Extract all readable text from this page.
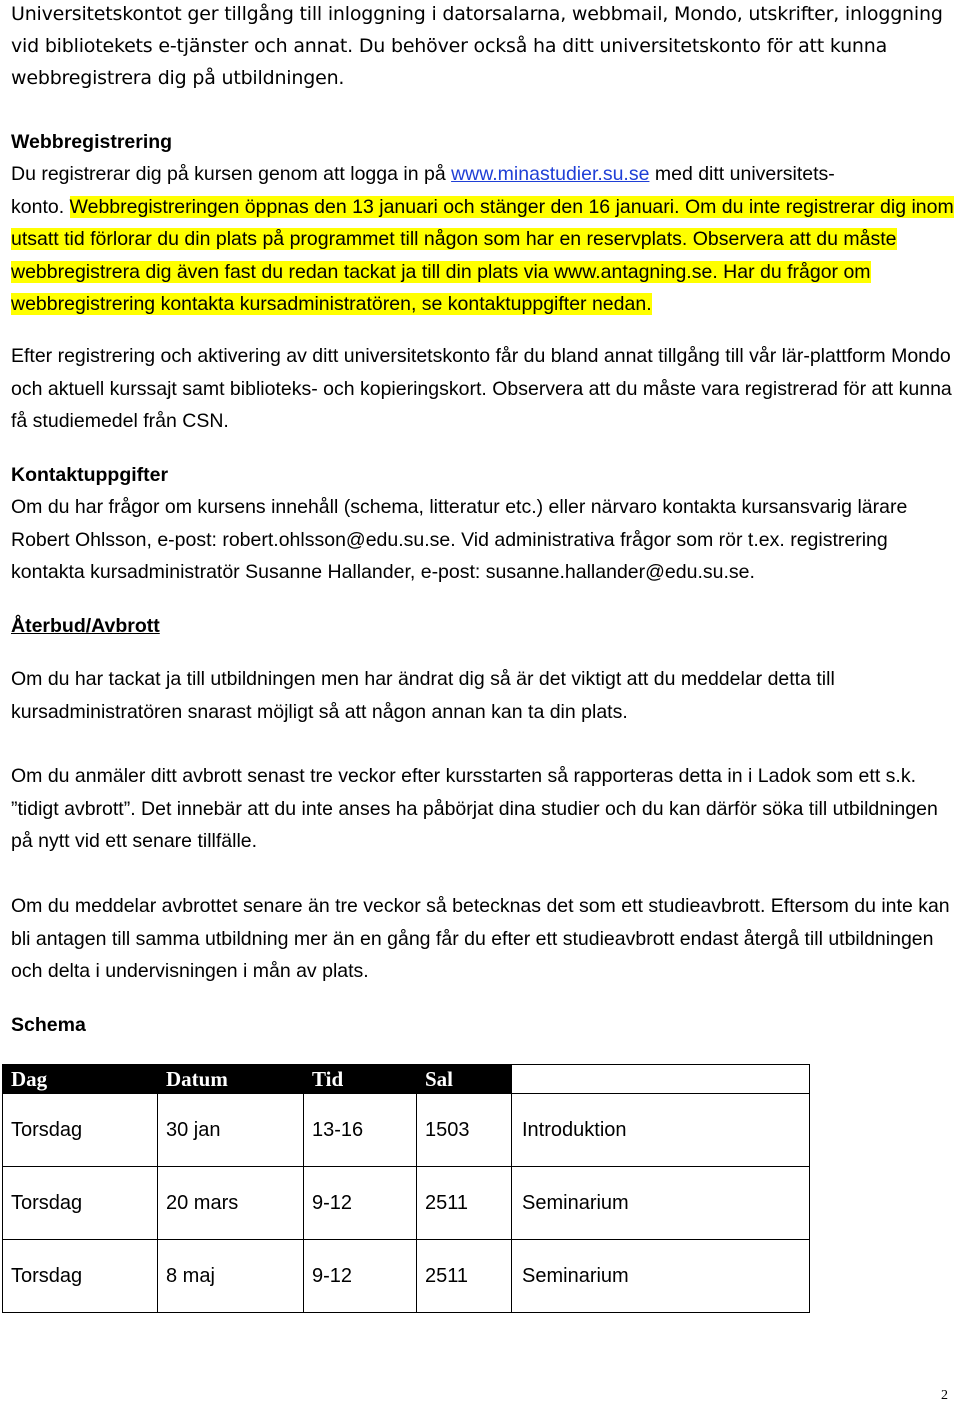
Universitetskontot ger tillgång till inloggning i datorsalarna, webbmail, Mondo, utskrifter, inloggning vid bibliotekets e-tjänster och annat. Du behöver också ha ditt universitetskonto för att kunna webbregistrera dig på utbildningen.
Webbregistrering
Du registrerar dig på kursen genom att logga in på www.minastudier.su.se med ditt universitets-
konto. Webbregistreringen öppnas den 13 januari och stänger den 16 januari. Om du inte registrerar dig inom utsatt tid förlorar du din plats på programmet till någon som har en reservplats. Observera att du måste webbregistrera dig även fast du redan tackat ja till din plats via www.antagning.se. Har du frågor om webbregistrering kontakta kursadministratören, se kontaktuppgifter nedan.
Efter registrering och aktivering av ditt universitetskonto får du bland annat tillgång till vår lär-plattform Mondo och aktuell kurssajt samt biblioteks- och kopieringskort. Observera att du måste vara registrerad för att kunna få studiemedel från CSN.
Kontaktuppgifter
Om du har frågor om kursens innehåll (schema, litteratur etc.) eller närvaro kontakta kursansvarig lärare Robert Ohlsson, e-post: robert.ohlsson@edu.su.se. Vid administrativa frågor som rör t.ex. registrering kontakta kursadministratör Susanne Hallander, e-post: susanne.hallander@edu.su.se.
Återbud/Avbrott
Om du har tackat ja till utbildningen men har ändrat dig så är det viktigt att du meddelar detta till kursadministratören snarast möjligt så att någon annan kan ta din plats.
Om du anmäler ditt avbrott senast tre veckor efter kursstarten så rapporteras detta in i Ladok som ett s.k. ”tidigt avbrott”. Det innebär att du inte anses ha påbörjat dina studier och du kan därför söka till utbildningen på nytt vid ett senare tillfälle.
Om du meddelar avbrottet senare än tre veckor så betecknas det som ett studieavbrott. Eftersom du inte kan bli antagen till samma utbildning mer än en gång får du efter ett studieavbrott endast återgå till utbildningen och delta i undervisningen i mån av plats.
Schema
Dag	Datum	Tid	Sal	
Torsdag	30 jan	13-16	1503	Introduktion
Torsdag	20 mars	9-12	2511	Seminarium
Torsdag	8 maj	9-12	2511	Seminarium
2
